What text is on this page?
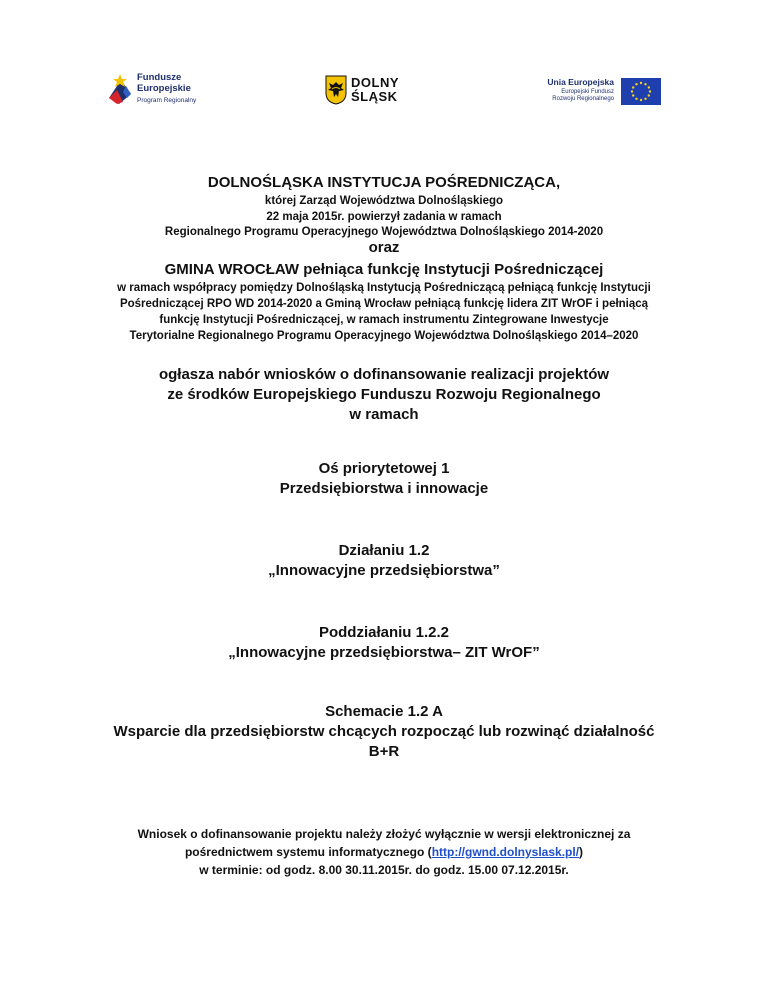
Fundusze
Europejskie
Program Regionalny
DOLNY
ŚLĄSK
Unia Europejska
Europejski Fundusz
Rozwoju Regionalnego
DOLNOŚLĄSKA INSTYTUCJA POŚREDNICZĄCA,
której Zarząd Województwa Dolnośląskiego
22 maja 2015r. powierzył zadania w ramach
Regionalnego Programu Operacyjnego Województwa Dolnośląskiego 2014-2020
oraz
GMINA WROCŁAW pełniąca funkcję Instytucji Pośredniczącej
w ramach współpracy pomiędzy Dolnośląską Instytucją Pośredniczącą pełniącą funkcję Instytucji
Pośredniczącej RPO WD 2014-2020 a Gminą Wrocław pełniącą funkcję lidera ZIT WrOF i pełniącą
funkcję Instytucji Pośredniczącej, w ramach instrumentu Zintegrowane Inwestycje
Terytorialne Regionalnego Programu Operacyjnego Województwa Dolnośląskiego 2014–2020
ogłasza nabór wniosków o dofinansowanie realizacji projektów
ze środków Europejskiego Funduszu Rozwoju Regionalnego
w ramach
Oś priorytetowej 1
Przedsiębiorstwa i innowacje
Działaniu 1.2
„Innowacyjne przedsiębiorstwa”
Poddziałaniu 1.2.2
„Innowacyjne przedsiębiorstwa– ZIT WrOF”
Schemacie 1.2 A
Wsparcie dla przedsiębiorstw chcących rozpocząć lub rozwinąć działalność
B+R
Wniosek o dofinansowanie projektu należy złożyć wyłącznie w wersji elektronicznej za
pośrednictwem systemu informatycznego (http://gwnd.dolnyslask.pl/)
w terminie: od godz. 8.00 30.11.2015r. do godz. 15.00 07.12.2015r.
